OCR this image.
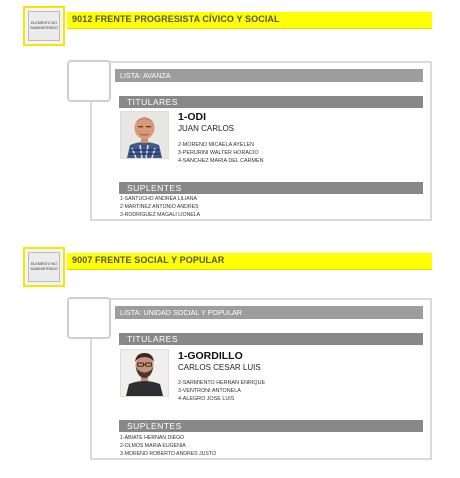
ELEMENTO NO SUMINISTRADO
9012 FRENTE PROGRESISTA CÍVICO Y SOCIAL
LISTA: AVANZA
TITULARES
1-ODI
JUAN CARLOS
2-MORENO MICAELA AYELEN
3-PERURINI WALTER HORACIO
4-SANCHEZ MARIA DEL CARMEN
SUPLENTES
1-SANTUCHO ANDREA LILIANA
2-MARTINEZ ANTONIO ANDRES
3-RODRIGUEZ MAGALI LIONELA
ELEMENTO NO SUMINISTRADO
9007 FRENTE SOCIAL Y POPULAR
LISTA: UNIDAD SOCIAL Y POPULAR
TITULARES
1-GORDILLO
CARLOS CESAR LUIS
2-SARMIENTO HERNAN ENRIQUE
3-VENTRONI ANTONELA
4-ALEGRO JOSE LUIS
SUPLENTES
1-ABIATE HERNAN DIEGO
2-OLMOS MARIA EUGENIA
3-MORENO ROBERTO ANDRES JUSTO
